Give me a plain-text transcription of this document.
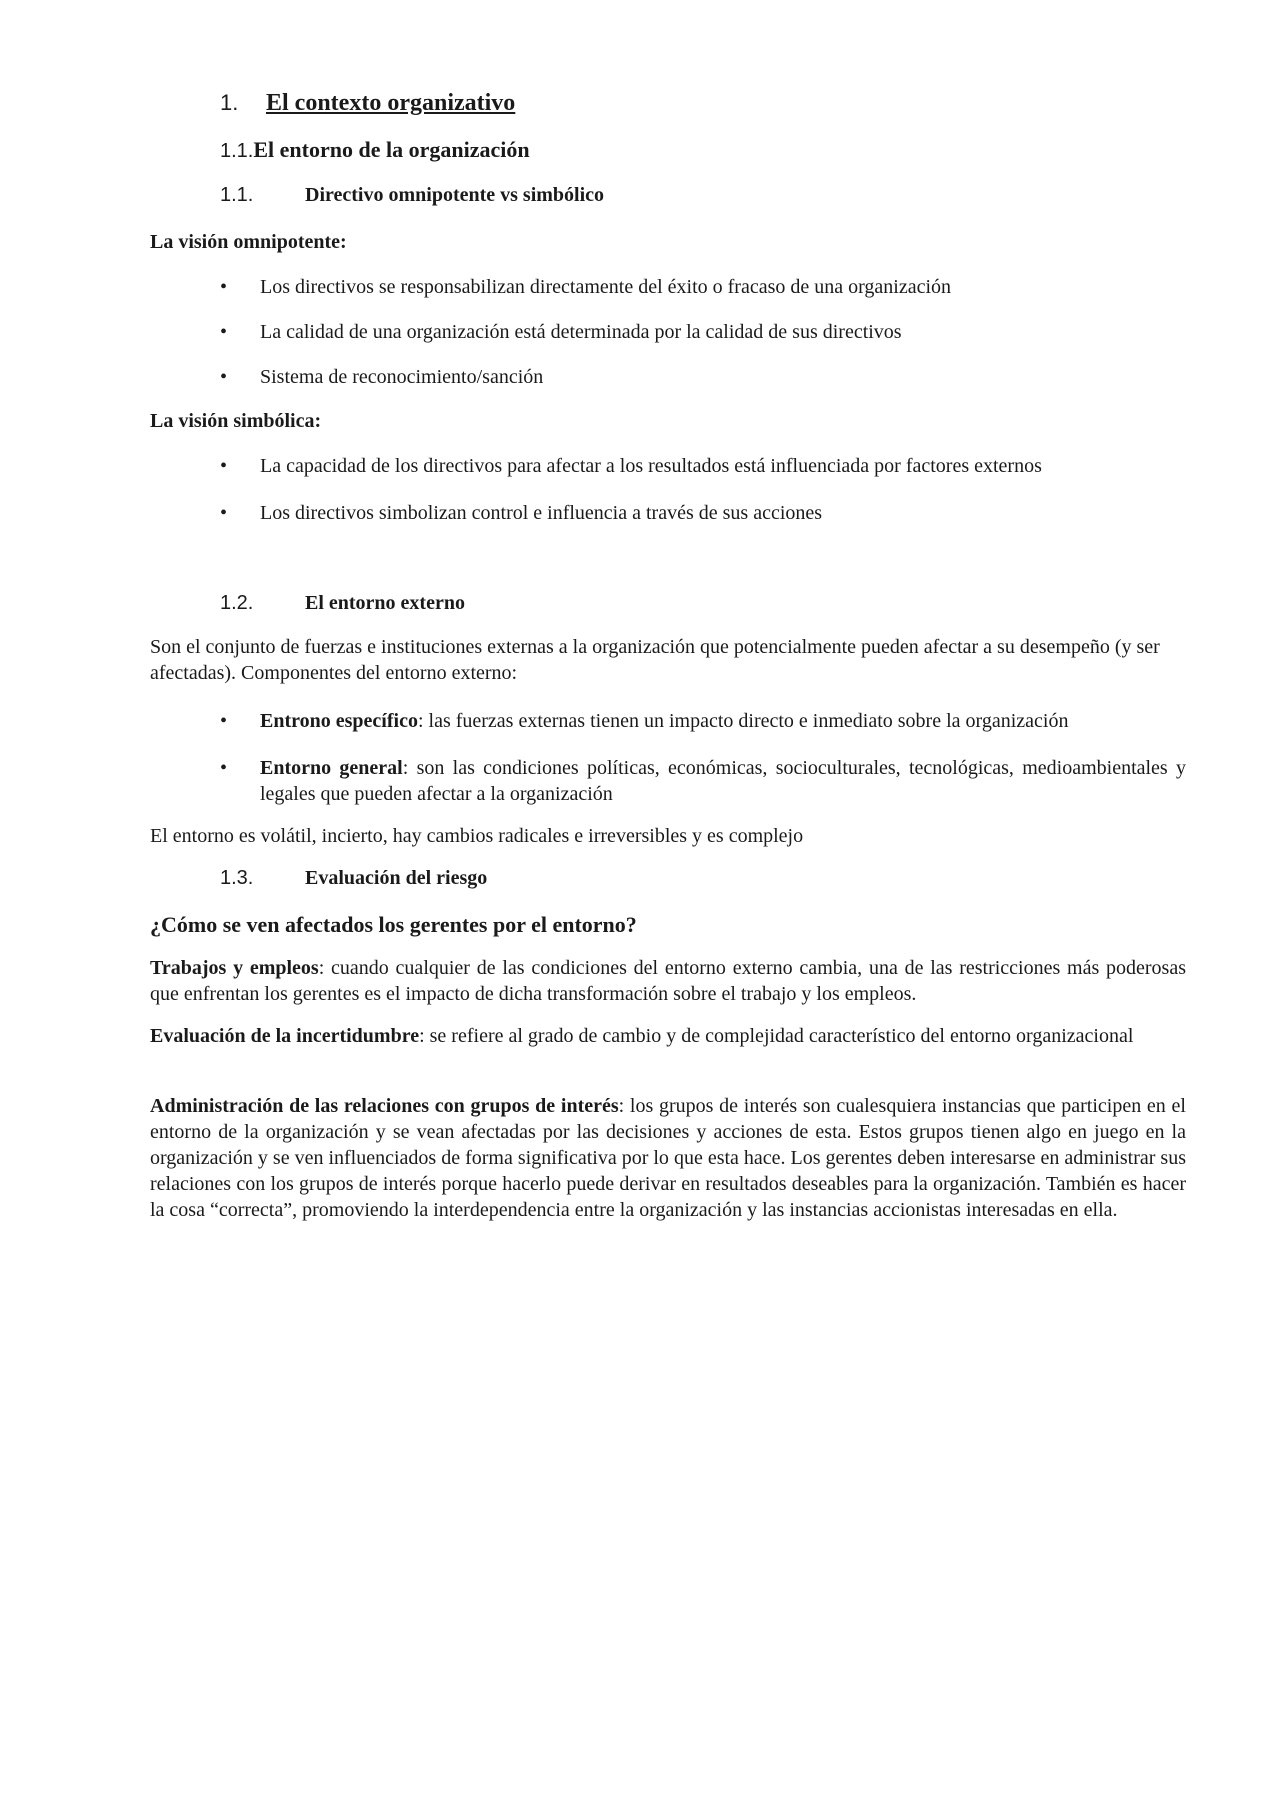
1. El contexto organizativo
1.1.El entorno de la organización
1.1.	Directivo omnipotente vs simbólico
La visión omnipotente:
• Los directivos se responsabilizan directamente del éxito o fracaso de una organización
• La calidad de una organización está determinada por la calidad de sus directivos
• Sistema de reconocimiento/sanción
La visión simbólica:
• La capacidad de los directivos para afectar a los resultados está influenciada por factores externos
• Los directivos simbolizan control e influencia a través de sus acciones
1.2.	El entorno externo
Son el conjunto de fuerzas e instituciones externas a la organización que potencialmente pueden afectar a su desempeño (y ser afectadas). Componentes del entorno externo:
• Entrono específico: las fuerzas externas tienen un impacto directo e inmediato sobre la organización
• Entorno general: son las condiciones políticas, económicas, socioculturales, tecnológicas, medioambientales y legales que pueden afectar a la organización
El entorno es volátil, incierto, hay cambios radicales e irreversibles y es complejo
1.3.	Evaluación del riesgo
¿Cómo se ven afectados los gerentes por el entorno?
Trabajos y empleos: cuando cualquier de las condiciones del entorno externo cambia, una de las restricciones más poderosas que enfrentan los gerentes es el impacto de dicha transformación sobre el trabajo y los empleos.
Evaluación de la incertidumbre: se refiere al grado de cambio y de complejidad característico del entorno organizacional
Administración de las relaciones con grupos de interés: los grupos de interés son cualesquiera instancias que participen en el entorno de la organización y se vean afectadas por las decisiones y acciones de esta. Estos grupos tienen algo en juego en la organización y se ven influenciados de forma significativa por lo que esta hace. Los gerentes deben interesarse en administrar sus relaciones con los grupos de interés porque hacerlo puede derivar en resultados deseables para la organización. También es hacer la cosa “correcta”, promoviendo la interdependencia entre la organización y las instancias accionistas interesadas en ella.
